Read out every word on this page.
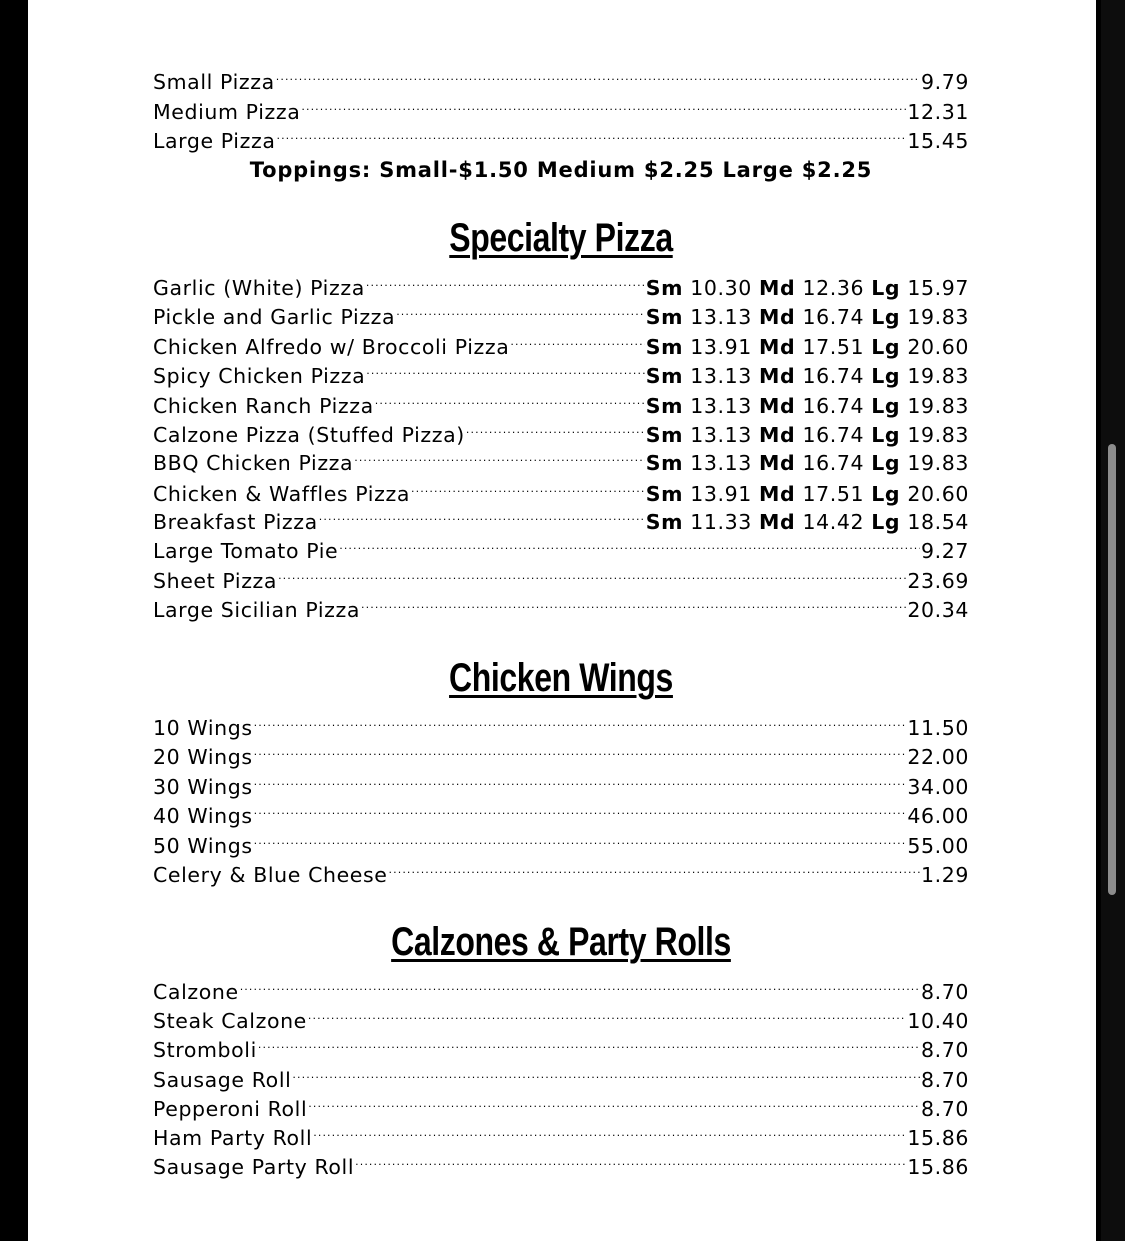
Small Pizza .....	9.79
Medium Pizza .....	12.31
Large Pizza .....	15.45
Toppings: Small-$1.50 Medium $2.25 Large $2.25
Specialty Pizza
Garlic (White) Pizza .....	Sm 10.30 Md 12.36 Lg 15.97
Pickle and Garlic Pizza .....	Sm 13.13 Md 16.74 Lg 19.83
Chicken Alfredo w/ Broccoli Pizza .....	Sm 13.91 Md 17.51 Lg 20.60
Spicy Chicken Pizza .....	Sm 13.13 Md 16.74 Lg 19.83
Chicken Ranch Pizza .....	Sm 13.13 Md 16.74 Lg 19.83
Calzone Pizza (Stuffed Pizza) .....	Sm 13.13 Md 16.74 Lg 19.83
BBQ Chicken Pizza .....	Sm 13.13 Md 16.74 Lg 19.83
Chicken & Waffles Pizza .....	Sm 13.91 Md 17.51 Lg 20.60
Breakfast Pizza .....	Sm 11.33 Md 14.42 Lg 18.54
Large Tomato Pie .....	9.27
Sheet Pizza .....	23.69
Large Sicilian Pizza .....	20.34
Chicken Wings
10 Wings .....	11.50
20 Wings .....	22.00
30 Wings .....	34.00
40 Wings .....	46.00
50 Wings .....	55.00
Celery & Blue Cheese .....	1.29
Calzones & Party Rolls
Calzone .....	8.70
Steak Calzone .....	10.40
Stromboli .....	8.70
Sausage Roll .....	8.70
Pepperoni Roll .....	8.70
Ham Party Roll .....	15.86
Sausage Party Roll .....	15.86
